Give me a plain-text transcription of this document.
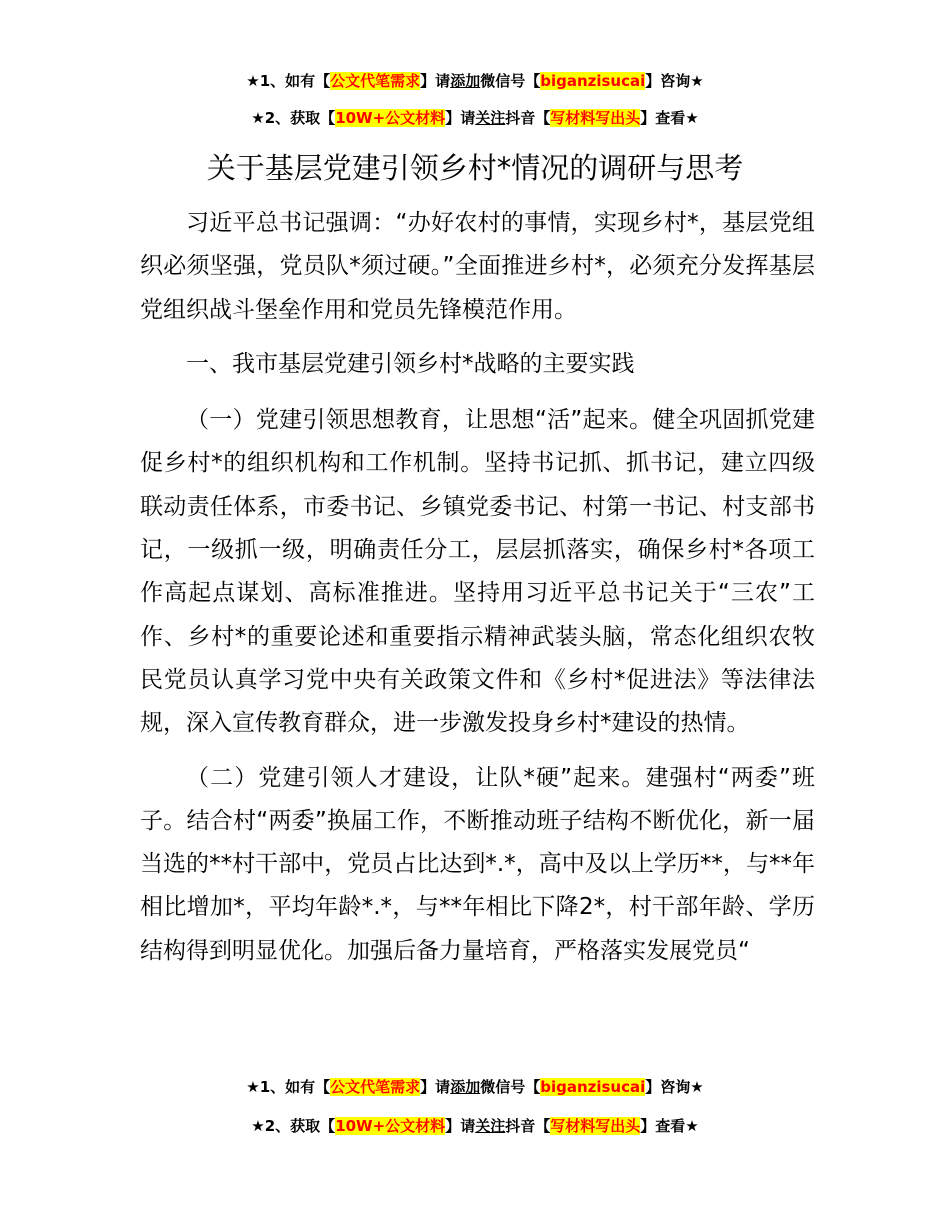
★1、如有【公文代笔需求】请添加微信号【biganzisucai】咨询★
★2、获取【10W+公文材料】请关注抖音【写材料写出头】查看★
关于基层党建引领乡村*情况的调研与思考

习近平总书记强调：“办好农村的事情，实现乡村*，基层党组织必须坚强，党员队*须过硬。”全面推进乡村*，必须充分发挥基层党组织战斗堡垒作用和党员先锋模范作用。

一、我市基层党建引领乡村*战略的主要实践

（一）党建引领思想教育，让思想“活”起来。健全巩固抓党建促乡村*的组织机构和工作机制。坚持书记抓、抓书记，建立四级联动责任体系，市委书记、乡镇党委书记、村第一书记、村支部书记，一级抓一级，明确责任分工，层层抓落实，确保乡村*各项工作高起点谋划、高标准推进。坚持用习近平总书记关于“三农”工作、乡村*的重要论述和重要指示精神武装头脑，常态化组织农牧民党员认真学习党中央有关政策文件和《乡村*促进法》等法律法规，深入宣传教育群众，进一步激发投身乡村*建设的热情。

（二）党建引领人才建设，让队*硬”起来。建强村“两委”班子。结合村“两委”换届工作，不断推动班子结构不断优化，新一届当选的**村干部中，党员占比达到*.*，高中及以上学历**，与**年相比增加*，平均年龄*.*，与**年相比下降2*，村干部年龄、学历结构得到明显优化。加强后备力量培育，严格落实发展党员“

★1、如有【公文代笔需求】请添加微信号【biganzisucai】咨询★
★2、获取【10W+公文材料】请关注抖音【写材料写出头】查看★
